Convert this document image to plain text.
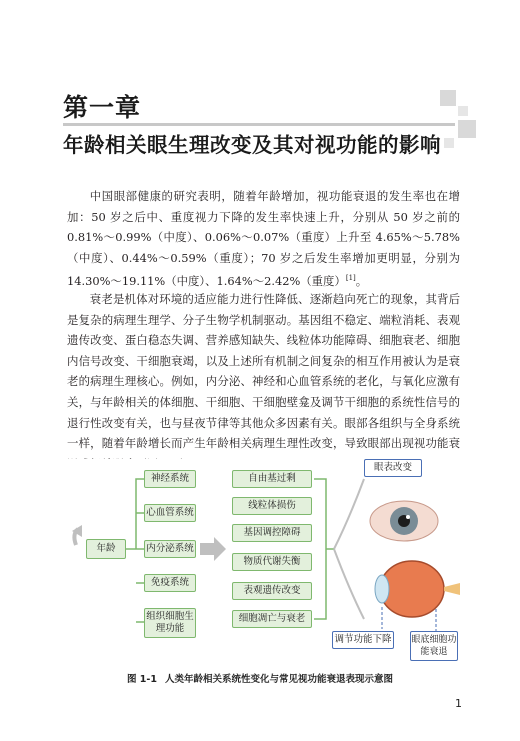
第一章
年龄相关眼生理改变及其对视功能的影响

中国眼部健康的研究表明，随着年龄增加，视功能衰退的发生率也在增加：50 岁之后中、重度视力下降的发生率快速上升，分别从 50 岁之前的 0.81%～0.99%（中度）、0.06%～0.07%（重度）上升至 4.65%～5.78%（中度）、0.44%～0.59%（重度）；70 岁之后发生率增加更明显，分别为 14.30%～19.11%（中度）、1.64%～2.42%（重度）[1]。

衰老是机体对环境的适应能力进行性降低、逐渐趋向死亡的现象，其背后是复杂的病理生理学、分子生物学机制驱动。基因组不稳定、端粒消耗、表观遗传改变、蛋白稳态失调、营养感知缺失、线粒体功能障碍、细胞衰老、细胞内信号改变、干细胞衰竭，以及上述所有机制之间复杂的相互作用被认为是衰老的病理生理核心。例如，内分泌、神经和心血管系统的老化，与氧化应激有关，与年龄相关的体细胞、干细胞、干细胞壁龛及调节干细胞的系统性信号的退行性改变有关，也与昼夜节律等其他众多因素有关。眼部各组织与全身系统一样，随着年龄增长而产生年龄相关病理生理性改变，导致眼部出现视功能衰

年龄
神经系统
心血管系统
内分泌系统
免疫系统
组织细胞生理功能
自由基过剩
线粒体损伤
基因调控障碍
物质代谢失衡
表观遗传改变
细胞凋亡与衰老
眼表改变
调节功能下降 眼底细胞功能衰退
图 1-1 人类年龄相关系统性变化与常见视功能衰退表现示意图
1
